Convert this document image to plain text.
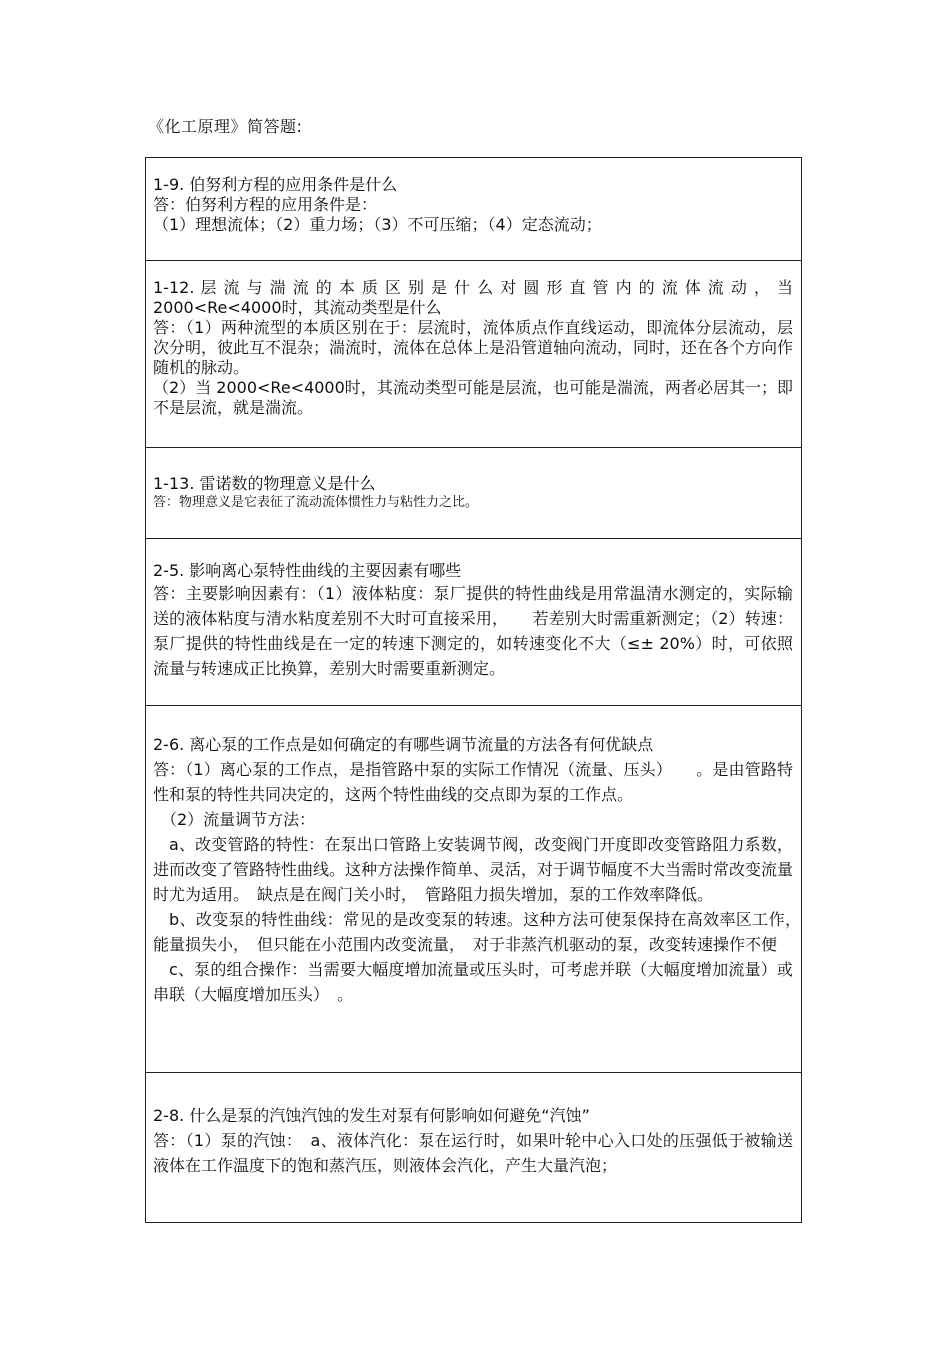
《化工原理》简答题:
1-9. 伯努利方程的应用条件是什么

答：伯努利方程的应用条件是：

（1）理想流体；（2）重力场；（3）不可压缩；（4）定态流动；

1-12. 层 流 与 湍 流 的 本 质 区 别 是 什 么 对 圆 形 直 管 内 的 流 体 流 动 ， 当 2000<Re<4000时，其流动类型是什么

答：（1）两种流型的本质区别在于：层流时，流体质点作直线运动，即流体分层流动，层次分明，彼此互不混杂；湍流时，流体在总体上是沿管道轴向流动，同时，还在各个方向作随机的脉动。

（2）当 2000<Re<4000时，其流动类型可能是层流，也可能是湍流，两者必居其一；即不是层流，就是湍流。

1-13. 雷诺数的物理意义是什么

答：物理意义是它表征了流动流体惯性力与粘性力之比。

2-5. 影响离心泵特性曲线的主要因素有哪些

答：主要影响因素有：（1）液体粘度：泵厂提供的特性曲线是用常温清水测定的，实际输送的液体粘度与清水粘度差别不大时可直接采用，　　若差别大时需重新测定；（2）转速：泵厂提供的特性曲线是在一定的转速下测定的，如转速变化不大（≤± 20%）时，可依照流量与转速成正比换算，差别大时需要重新测定。

2-6. 离心泵的工作点是如何确定的有哪些调节流量的方法各有何优缺点

答：（1）离心泵的工作点，是指管路中泵的实际工作情况（流量、压头）　　。是由管路特性和泵的特性共同决定的，这两个特性曲线的交点即为泵的工作点。

（2）流量调节方法：

a、改变管路的特性：在泵出口管路上安装调节阀，改变阀门开度即改变管路阻力系数，进而改变了管路特性曲线。这种方法操作简单、灵活，对于调节幅度不大当需时常改变流量时尤为适用。　缺点是在阀门关小时，　管路阻力损失增加，泵的工作效率降低。

b、改变泵的特性曲线：常见的是改变泵的转速。这种方法可使泵保持在高效率区工作，　能量损失小，　但只能在小范围内改变流量，　对于非蒸汽机驱动的泵，改变转速操作不便

c、泵的组合操作：当需要大幅度增加流量或压头时，可考虑并联（大幅度增加流量）或串联（大幅度增加压头）　。

2-8. 什么是泵的汽蚀汽蚀的发生对泵有何影响如何避免“汽蚀”

答：（1）泵的汽蚀：　a、液体汽化：泵在运行时，如果叶轮中心入口处的压强低于被输送液体在工作温度下的饱和蒸汽压，则液体会汽化，产生大量汽泡；
